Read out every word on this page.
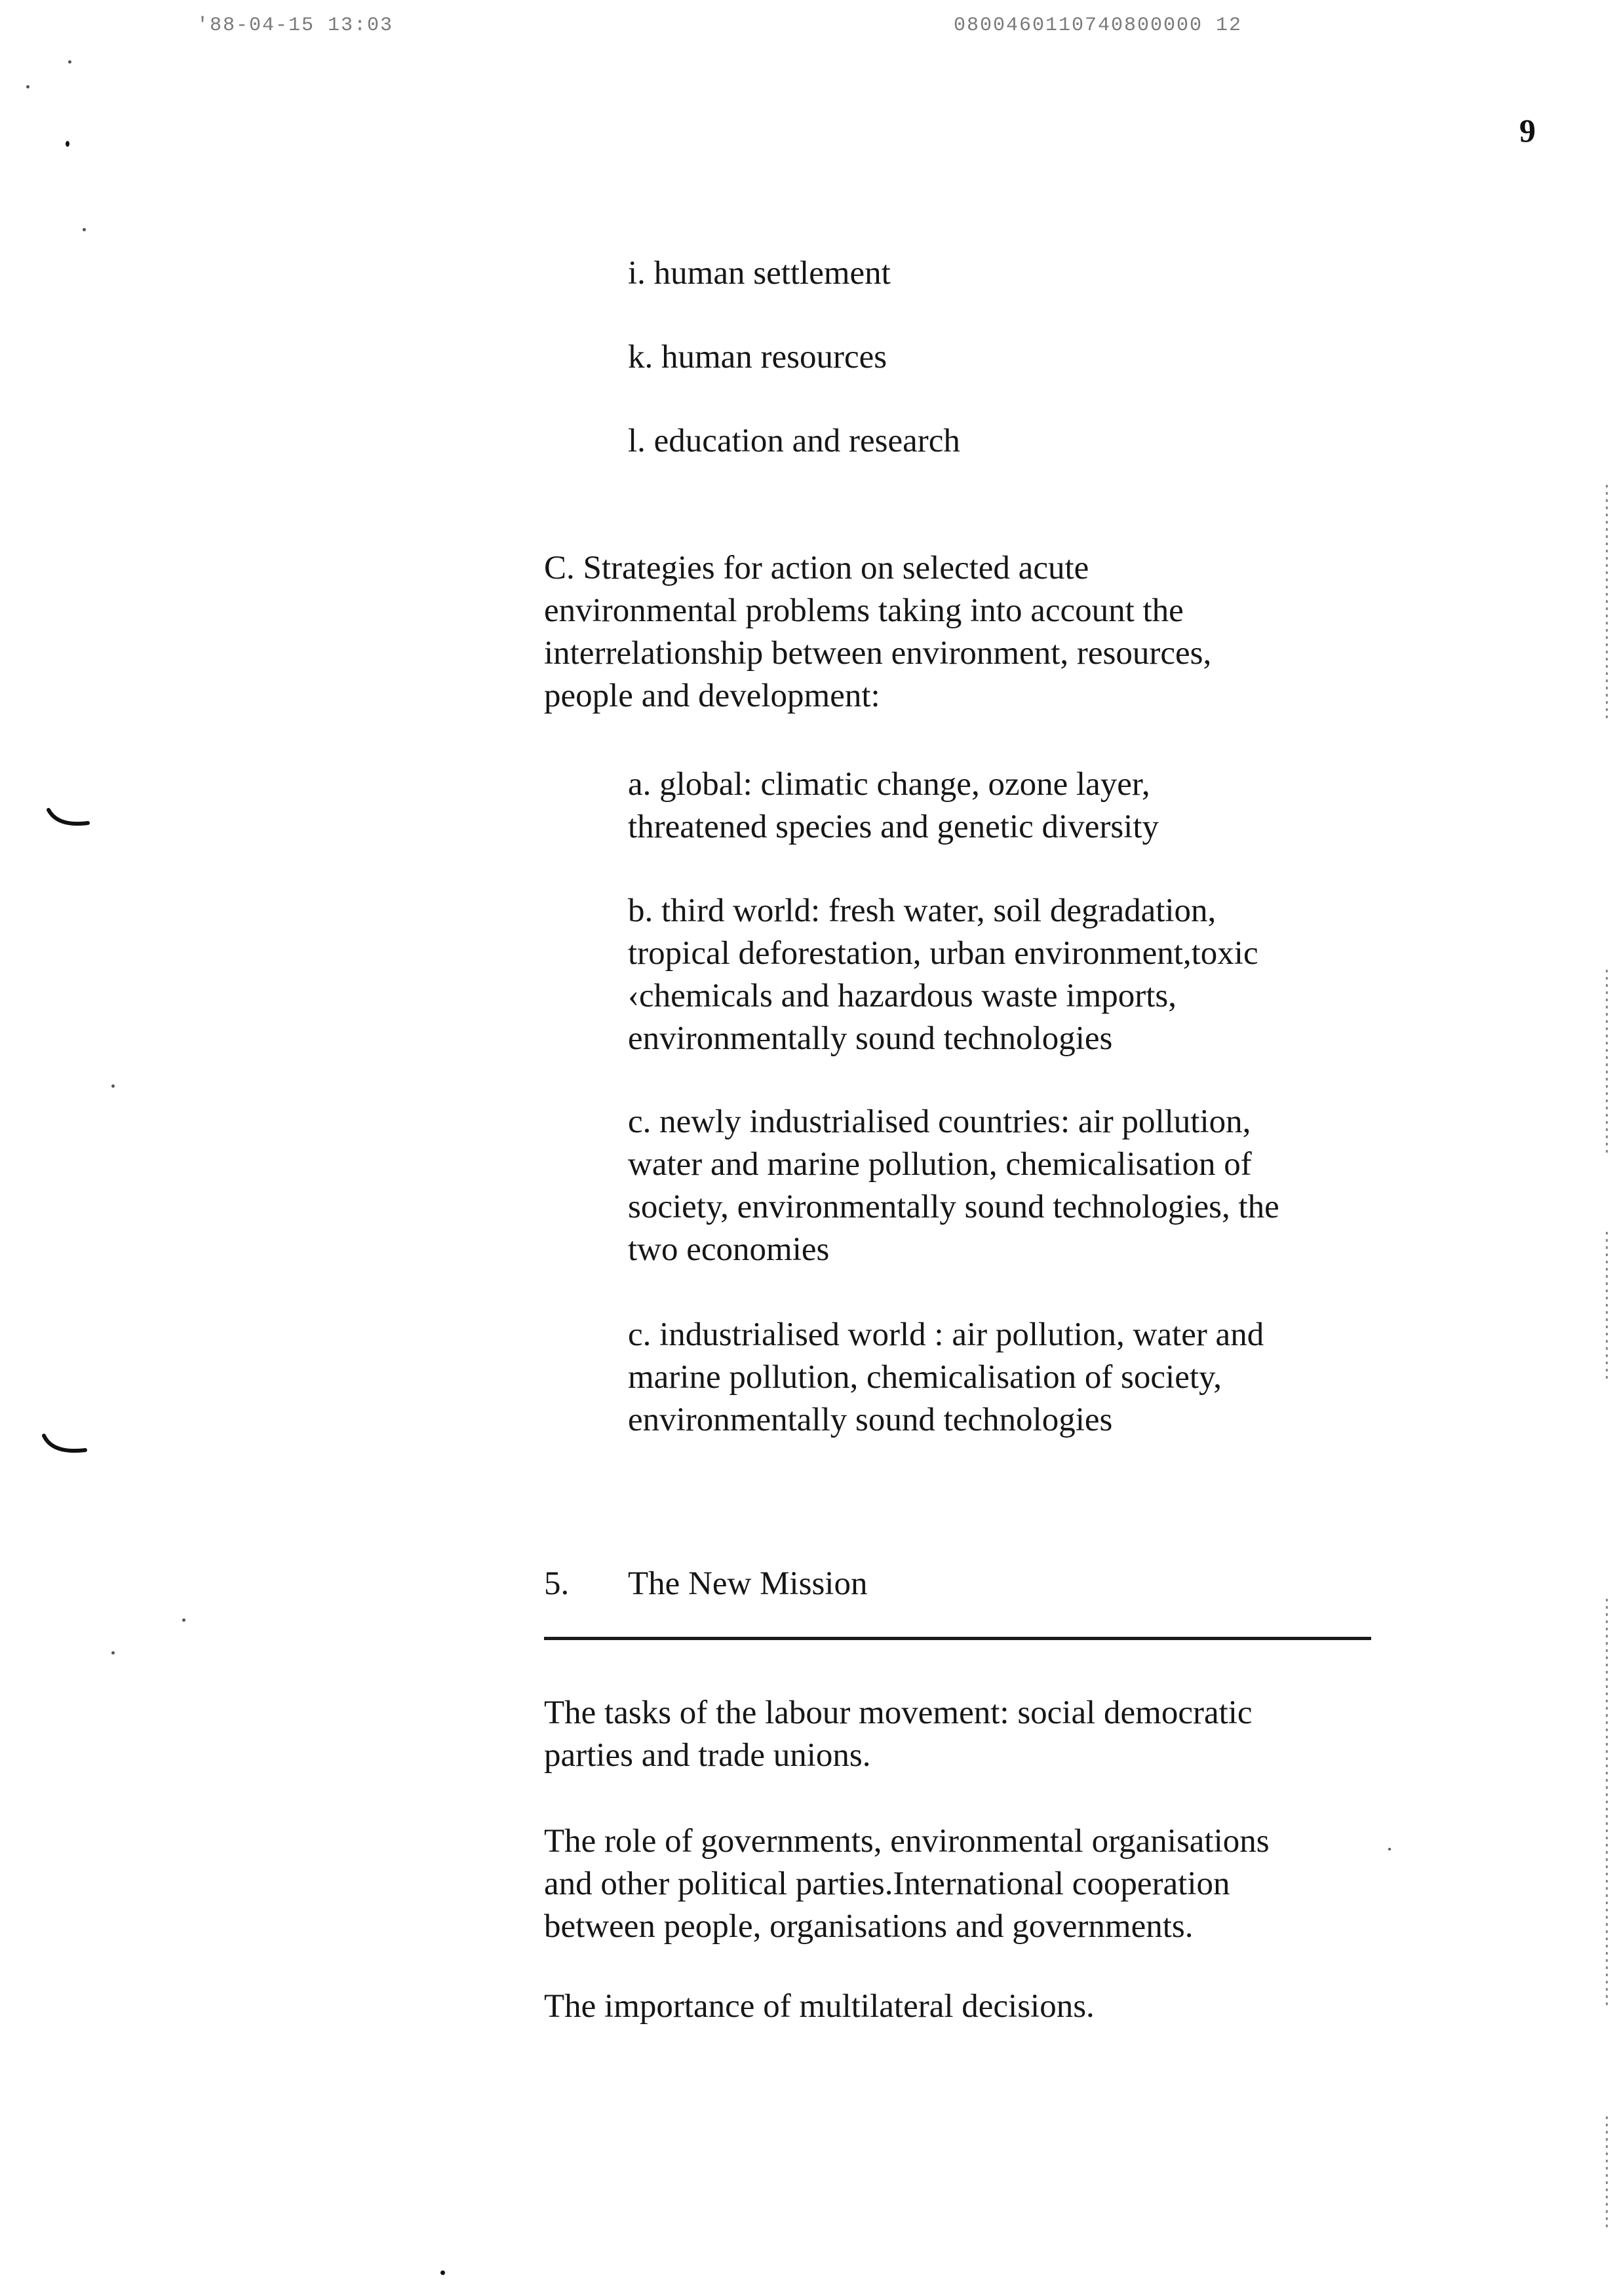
'88-04-15 13:03	0800460110740800000 12
9
i. human settlement
k. human resources
l. education and research
C. Strategies for action on selected acute
environmental problems taking into account the
interrelationship between environment, resources,
people and development:
a. global: climatic change, ozone layer,
threatened species and genetic diversity
b. third world: fresh water, soil degradation,
tropical deforestation, urban environment,toxic
‹chemicals and hazardous waste imports,
environmentally sound technologies
c. newly industrialised countries: air pollution,
water and marine pollution, chemicalisation of
society, environmentally sound technologies, the
two economies
c. industrialised world : air pollution, water and
marine pollution, chemicalisation of society,
environmentally sound technologies
5. The New Mission
The tasks of the labour movement: social democratic
parties and trade unions.
The role of governments, environmental organisations
and other political parties.International cooperation
between people, organisations and governments.
The importance of multilateral decisions.
